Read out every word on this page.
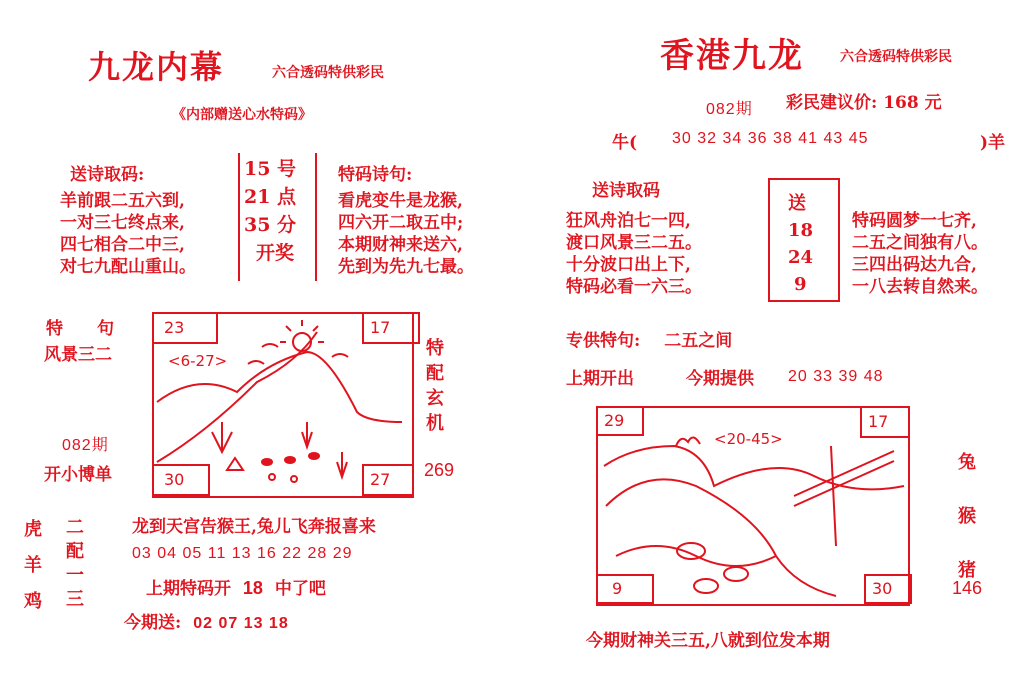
九龙内幕	六合透码特供彩民
《内部赠送心水特码》
送诗取码:
羊前跟二五六到,
一对三七终点来,
四七相合二中三,
对七九配山重山。
15 号
21 点
35 分
开奖
特码诗句:
看虎变牛是龙猴,
四六开二取五中;
本期财神来送六,
先到为先九七最。
特　　句
风景三二
082期
开小博单
23	17
30	27
<6-27>
特
配
玄
机
269
虎
羊
鸡
二
配
一
三
龙到天宫告猴王,兔儿飞奔报喜来
03 04 05 11 13 16 22 28 29
上期特码开 18 中了吧
今期送: 02 07 13 18
香港九龙	六合透码特供彩民
082期 彩民建议价: 168 元
牛( 30 32 34 36 38 41 43 45	)羊
送诗取码
狂风舟泊七一四,
渡口风景三二五。
十分波口出上下,
特码必看一六三。
送
18
24
9
特码圆梦一七齐,
二五之间独有八。
三四出码达九合,
一八去转自然来。
专供特句: 二五之间
上期开出	今期提供 20 33 39 48
29	17
9	30
<20-45>
兔
猴
猪
146
今期财神关三五,八就到位发本期
